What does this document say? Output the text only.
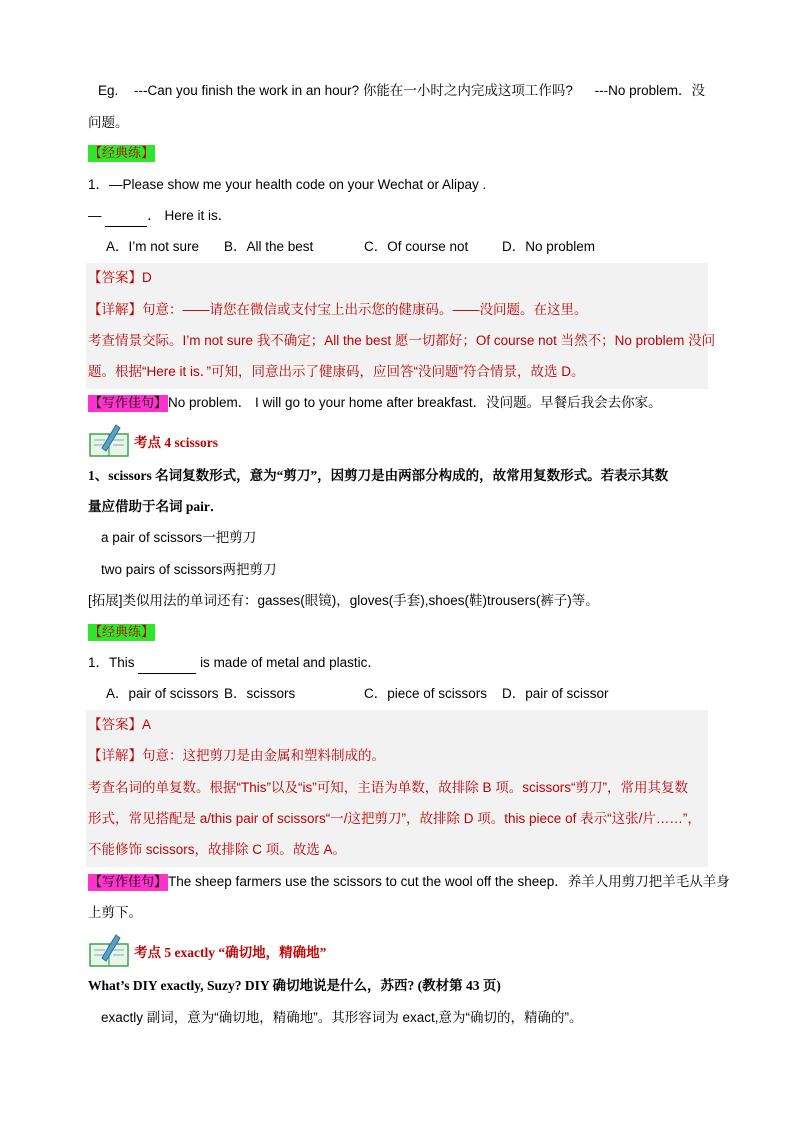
Eg. ---Can you finish the work in an hour? 你能在一小时之内完成这项工作吗? ---No problem．没
问题。
【经典练】
1．—Please show me your health code on your Wechat or Alipay .
—	． Here it is．
A．I’m not sure B．All the best	C．Of course not D．No problem
【答案】D
【详解】句意：——请您在微信或支付宝上出示您的健康码。——没问题。在这里。
考查情景交际。I’m not sure 我不确定；All the best 愿一切都好；Of course not 当然不；No problem 没问
题。根据“Here it is．”可知，同意出示了健康码，应回答“没问题”符合情景，故选 D。
【写作佳句】No problem． I will go to your home after breakfast．没问题。早餐后我会去你家。
考点 4 scissors
1、scissors 名词复数形式，意为“剪刀”，因剪刀是由两部分构成的，故常用复数形式。若表示其数
量应借助于名词 pair．
a pair of scissors一把剪刀
two pairs of scissors两把剪刀
[拓展]类似用法的单词还有：gasses(眼镜)，gloves(手套),shoes(鞋)trousers(裤子)等。
【经典练】
1．This	is made of metal and plastic．
A．pair of scissors B．scissors	C．piece of scissors D．pair of scissor
【答案】A
【详解】句意：这把剪刀是由金属和塑料制成的。
考查名词的单复数。根据“This”以及“is”可知，主语为单数，故排除 B 项。scissors“剪刀”，常用其复数
形式，常见搭配是 a/this pair of scissors“一/这把剪刀”，故排除 D 项。this piece of 表示“这张/片……”，
不能修饰 scissors，故排除 C 项。故选 A。
【写作佳句】The sheep farmers use the scissors to cut the wool off the sheep．养羊人用剪刀把羊毛从羊身
上剪下。
考点 5 exactly “确切地，精确地”
What’s DIY exactly, Suzy? DIY 确切地说是什么，苏西? (教材第 43 页)
exactly 副词，意为“确切地，精确地”。其形容词为 exact,意为“确切的，精确的”。
